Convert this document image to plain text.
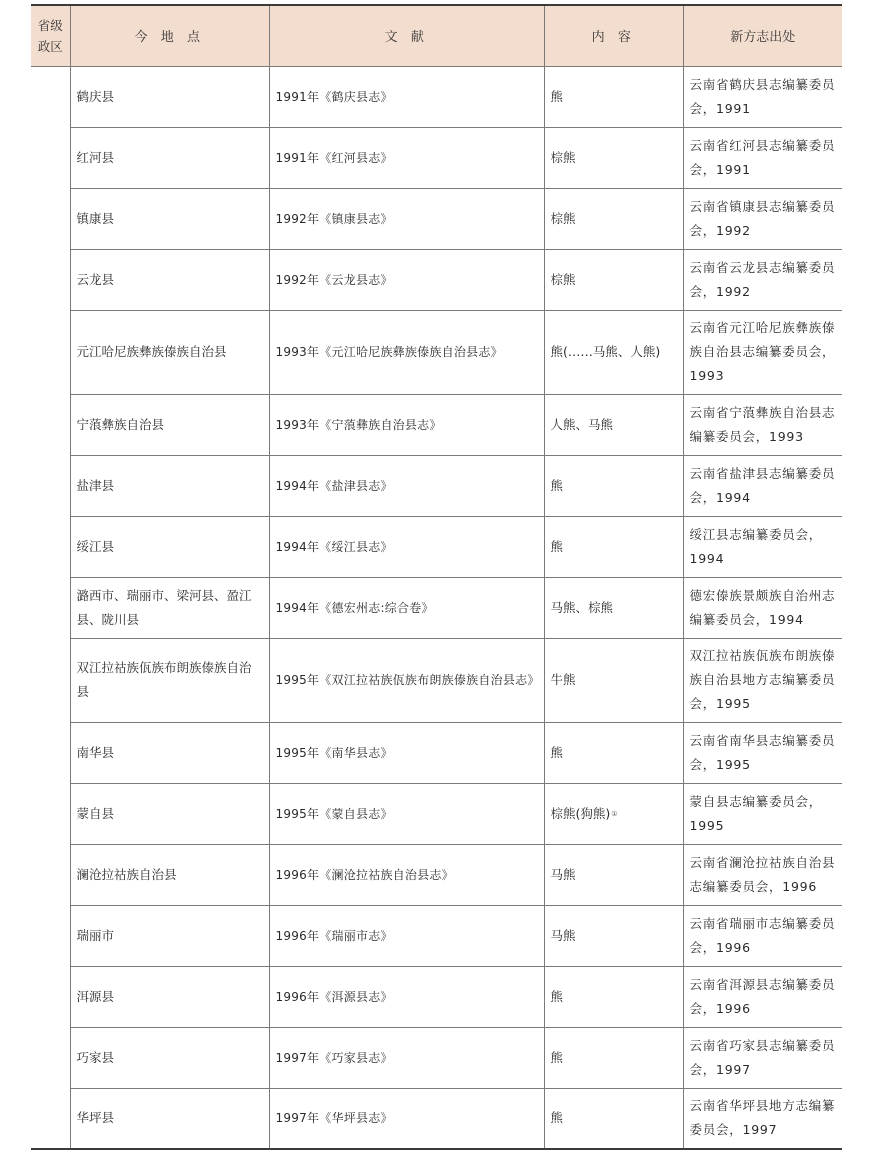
省级政区	今 地 点	文 献	内 容	新方志出处
	鹤庆县	1991年《鹤庆县志》	熊	云南省鹤庆县志编纂委员会，1991
	红河县	1991年《红河县志》	棕熊	云南省红河县志编纂委员会，1991
	镇康县	1992年《镇康县志》	棕熊	云南省镇康县志编纂委员会，1992
	云龙县	1992年《云龙县志》	棕熊	云南省云龙县志编纂委员会，1992
	元江哈尼族彝族傣族自治县	1993年《元江哈尼族彝族傣族自治县志》	熊(……马熊、人熊)	云南省元江哈尼族彝族傣族自治县志编纂委员会，1993
	宁蒗彝族自治县	1993年《宁蒗彝族自治县志》	人熊、马熊	云南省宁蒗彝族自治县志编纂委员会，1993
	盐津县	1994年《盐津县志》	熊	云南省盐津县志编纂委员会，1994
	绥江县	1994年《绥江县志》	熊	绥江县志编纂委员会，1994
	潞西市、瑞丽市、梁河县、盈江县、陇川县	1994年《德宏州志:综合卷》	马熊、棕熊	德宏傣族景颇族自治州志编纂委员会，1994
	双江拉祜族佤族布朗族傣族自治县	1995年《双江拉祜族佤族布朗族傣族自治县志》	牛熊	双江拉祜族佤族布朗族傣族自治县地方志编纂委员会，1995
	南华县	1995年《南华县志》	熊	云南省南华县志编纂委员会，1995
	蒙自县	1995年《蒙自县志》	棕熊(狗熊)①	蒙自县志编纂委员会，1995
	澜沧拉祜族自治县	1996年《澜沧拉祜族自治县志》	马熊	云南省澜沧拉祜族自治县志编纂委员会，1996
	瑞丽市	1996年《瑞丽市志》	马熊	云南省瑞丽市志编纂委员会，1996
	洱源县	1996年《洱源县志》	熊	云南省洱源县志编纂委员会，1996
	巧家县	1997年《巧家县志》	熊	云南省巧家县志编纂委员会，1997
	华坪县	1997年《华坪县志》	熊	云南省华坪县地方志编纂委员会，1997
